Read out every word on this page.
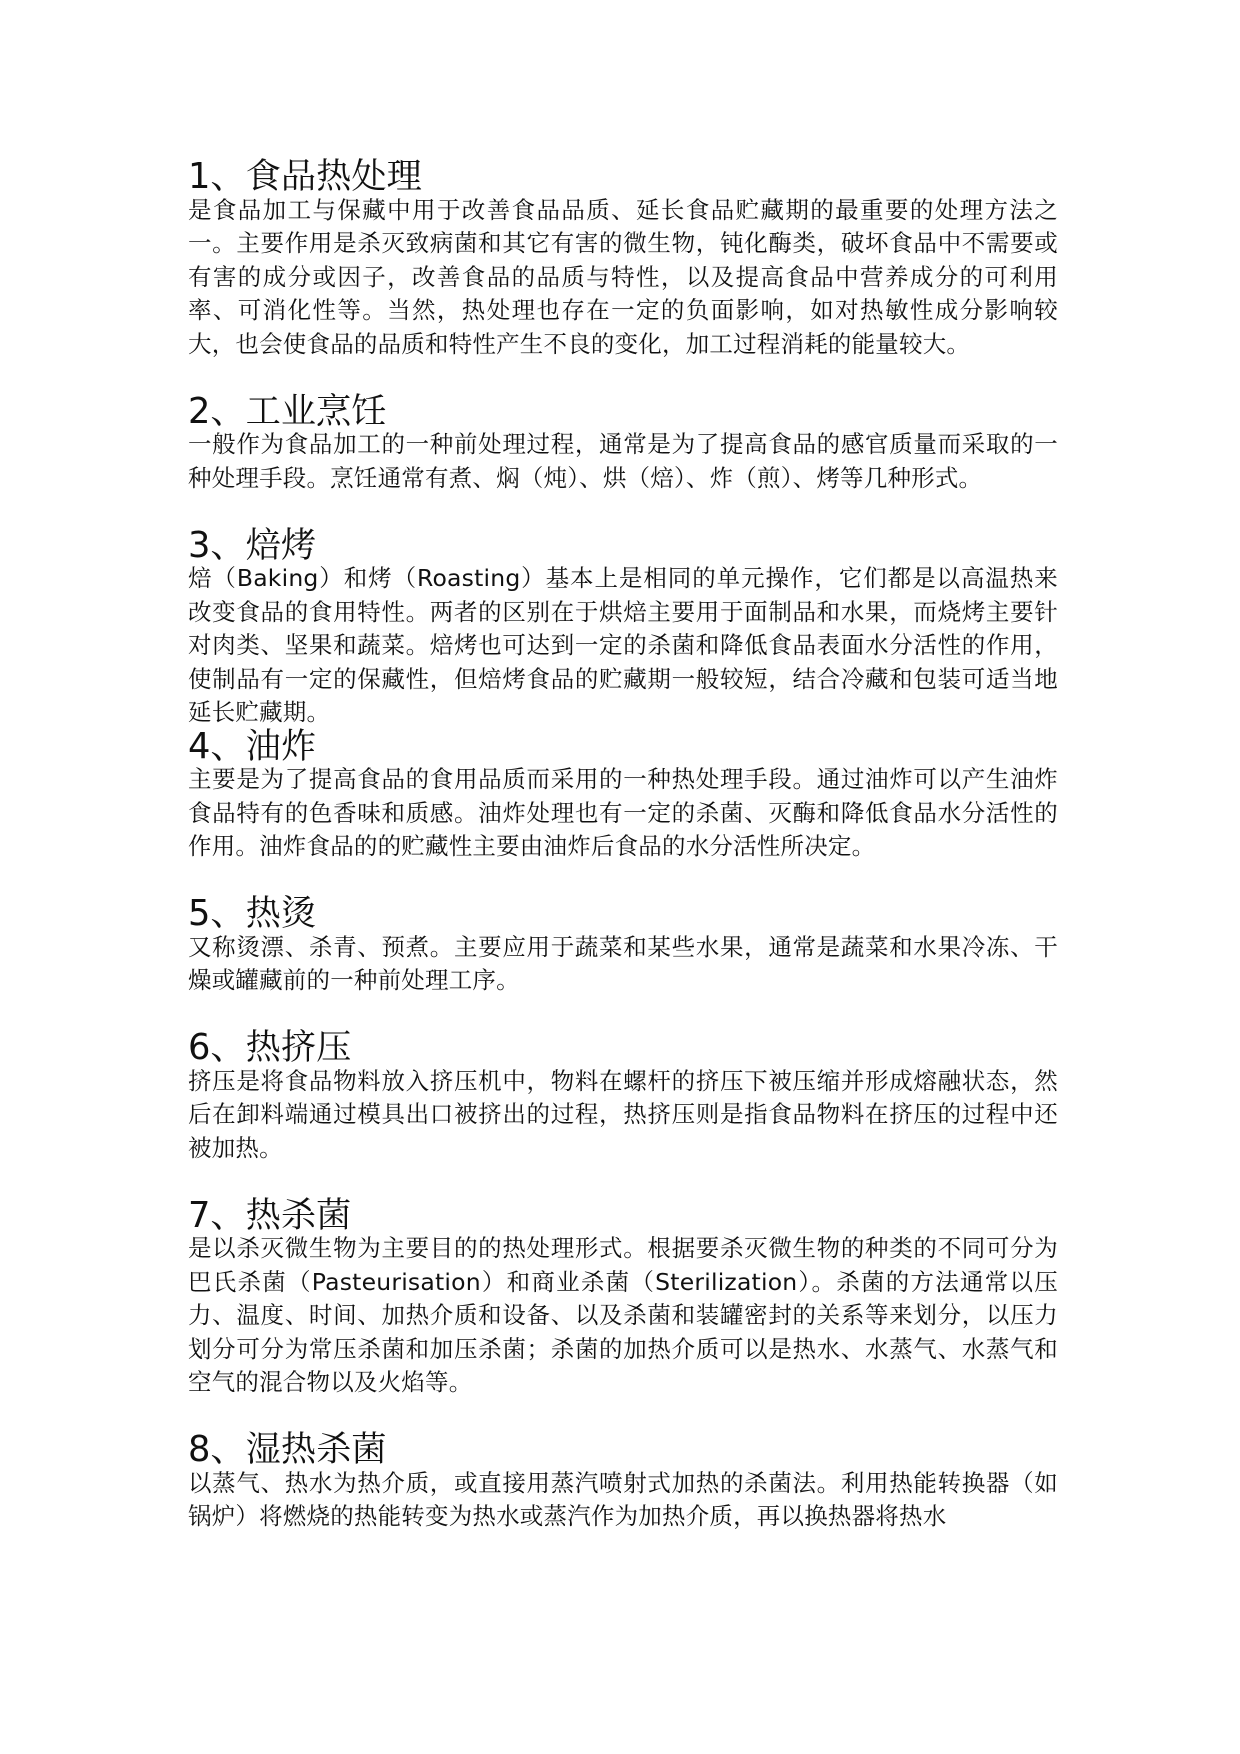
1、食品热处理

是食品加工与保藏中用于改善食品品质、延长食品贮藏期的最重要的处理方法之一。主要作用是杀灭致病菌和其它有害的微生物，钝化酶类，破坏食品中不需要或有害的成分或因子，改善食品的品质与特性，以及提高食品中营养成分的可利用率、可消化性等。当然，热处理也存在一定的负面影响，如对热敏性成分影响较大，也会使食品的品质和特性产生不良的变化，加工过程消耗的能量较大。

2、工业烹饪

一般作为食品加工的一种前处理过程，通常是为了提高食品的感官质量而采取的一种处理手段。烹饪通常有煮、焖（炖）、烘（焙）、炸（煎）、烤等几种形式。

3、焙烤

焙（Baking）和烤（Roasting）基本上是相同的单元操作，它们都是以高温热来改变食品的食用特性。两者的区别在于烘焙主要用于面制品和水果，而烧烤主要针对肉类、坚果和蔬菜。焙烤也可达到一定的杀菌和降低食品表面水分活性的作用，使制品有一定的保藏性，但焙烤食品的贮藏期一般较短，结合冷藏和包装可适当地延长贮藏期。

4、油炸

主要是为了提高食品的食用品质而采用的一种热处理手段。通过油炸可以产生油炸食品特有的色香味和质感。油炸处理也有一定的杀菌、灭酶和降低食品水分活性的作用。油炸食品的的贮藏性主要由油炸后食品的水分活性所决定。

5、热烫

又称烫漂、杀青、预煮。主要应用于蔬菜和某些水果，通常是蔬菜和水果冷冻、干燥或罐藏前的一种前处理工序。

6、热挤压

挤压是将食品物料放入挤压机中，物料在螺杆的挤压下被压缩并形成熔融状态，然后在卸料端通过模具出口被挤出的过程，热挤压则是指食品物料在挤压的过程中还被加热。

7、热杀菌

是以杀灭微生物为主要目的的热处理形式。根据要杀灭微生物的种类的不同可分为巴氏杀菌（Pasteurisation）和商业杀菌（Sterilization）。杀菌的方法通常以压力、温度、时间、加热介质和设备、以及杀菌和装罐密封的关系等来划分，以压力划分可分为常压杀菌和加压杀菌；杀菌的加热介质可以是热水、水蒸气、水蒸气和空气的混合物以及火焰等。

8、湿热杀菌

以蒸气、热水为热介质，或直接用蒸汽喷射式加热的杀菌法。利用热能转换器（如锅炉）将燃烧的热能转变为热水或蒸汽作为加热介质，再以换热器将热水
